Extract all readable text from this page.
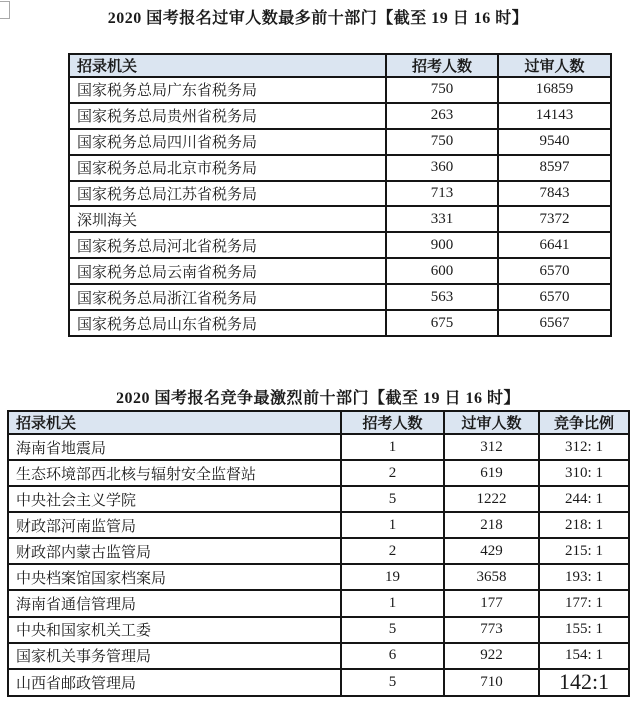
2020 国考报名过审人数最多前十部门【截至 19 日 16 时】
招录机关	招考人数	过审人数
国家税务总局广东省税务局	750	16859
国家税务总局贵州省税务局	263	14143
国家税务总局四川省税务局	750	9540
国家税务总局北京市税务局	360	8597
国家税务总局江苏省税务局	713	7843
深圳海关	331	7372
国家税务总局河北省税务局	900	6641
国家税务总局云南省税务局	600	6570
国家税务总局浙江省税务局	563	6570
国家税务总局山东省税务局	675	6567
2020 国考报名竞争最激烈前十部门【截至 19 日 16 时】
招录机关	招考人数	过审人数	竞争比例
海南省地震局	1	312	312: 1
生态环境部西北核与辐射安全监督站	2	619	310: 1
中央社会主义学院	5	1222	244: 1
财政部河南监管局	1	218	218: 1
财政部内蒙古监管局	2	429	215: 1
中央档案馆国家档案局	19	3658	193: 1
海南省通信管理局	1	177	177: 1
中央和国家机关工委	5	773	155: 1
国家机关事务管理局	6	922	154: 1
山西省邮政管理局	5	710	142:1
